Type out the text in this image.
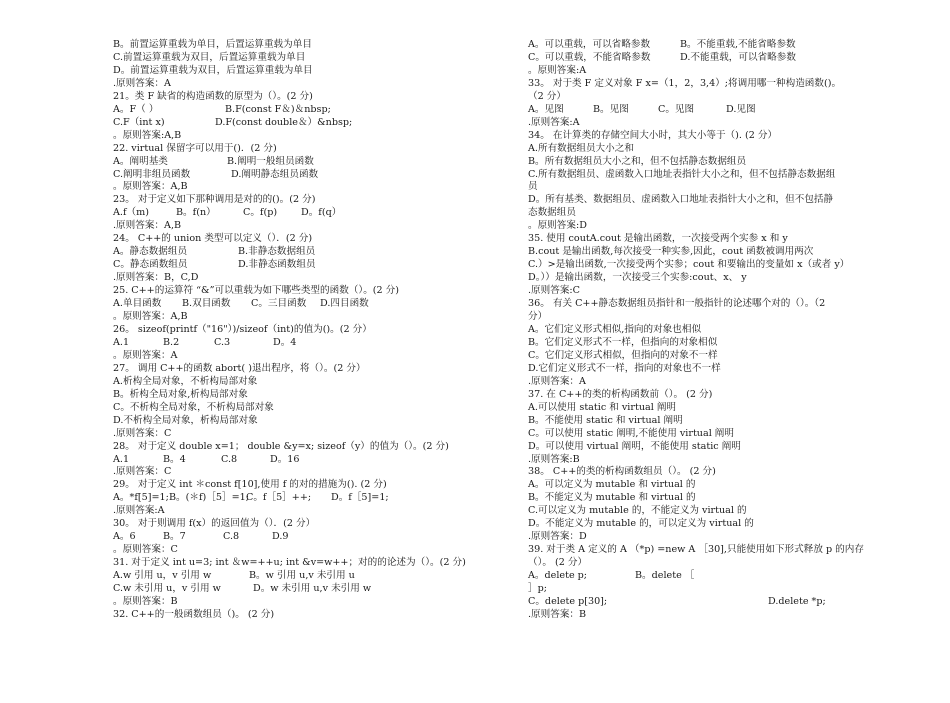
B。前置运算重载为单目，后置运算重载为单目
C.前置运算重载为双目，后置运算重载为单目
D。前置运算重载为双目，后置运算重载为单目
.原则答案：A
21。类 F 缺省的构造函数的原型为（）。(2 分)
A。F（ ）	B.F(const F＆)＆nbsp;
C.F（int x)	D.F(const double＆）&nbsp;
。原则答案:A,B
22. virtual 保留字可以用于()．(2 分)
A。阐明基类	B.阐明一般组员函数
C.阐明非组员函数	D.阐明静态组员函数
。原则答案：A,B
23。 对于定义如下那种调用是对的的()。(2 分)
A.f（m)	B。f(n）	C。f(p)	D。f(q）
.原则答案：A,B
24。 C++的 union 类型可以定义（）．(2 分)
A。静态数据组员	B.非静态数据组员
C。静态函数组员	D.非静态函数组员
.原则答案：B，C,D
25. C++的运算符 “&”可以重载为如下哪些类型的函数（）。(2 分)
A.单目函数	B.双目函数	C。三目函数	D.四目函数
。原则答案：A,B
26。 sizeof(printf（"16"）)/sizeof（int)的值为()。(2 分）
A.1	B.2	C.3	D。4
。原则答案：A
27。 调用 C++的函数 abort( )退出程序，将（）。(2 分）
A.析构全局对象，不析构局部对象
B。析构全局对象,析构局部对象
C。不析构全局对象，不析构局部对象
D.不析构全局对象，析构局部对象
.原则答案：C
28。 对于定义 double x=1； double &y=x; sizeof（y）的值为（）。(2 分)
A.1	B。4	C.8	D。16
.原则答案：C
29。 对于定义 int ＊const f[10],使用 f 的对的措施为(). (2 分)
A。*f[5]=1; B。(＊f)［5］=1;
C。f［5］++;	D。f［5]=1;
.原则答案:A
30。 对于则调用 f(x）的返回值为（）．(2 分）
A。6	B。7	C.8	D.9
。原则答案：C
31. 对于定义 int u=3; int ＆w=++u; int &v=w++；对的的论述为（）。(2 分)
A.w 引用 u，v 引用 w	B。w 引用 u,v 未引用 u
C.w 未引用 u，v 引用 w	D。w 未引用 u,v 未引用 w
。原则答案：B
32. C++的一般函数组员（)。 (2 分)
A。可以重载，可以省略参数	B。不能重载,不能省略参数
C。可以重载，不能省略参数	D.不能重载，可以省略参数
。原则答案:A
33。 对于类 F 定义对象 F x=（1，2，3,4）;将调用哪一种构造函数()。
（2 分）
A。见图	B。见图	C。见图	D.见图
.原则答案:A
34。 在计算类的存储空间大小时，其大小等于（). (2 分）
A.所有数据组员大小之和
B。所有数据组员大小之和，但不包括静态数据组员
C.所有数据组员、虚函数入口地址表指针大小之和，但不包括静态数据组
员
D。所有基类、数据组员、虚函数入口地址表指针大小之和，但不包括静
态数据组员
。原则答案:D
35. 使用 coutA.cout 是输出函数，一次接受两个实参 x 和 y
B.cout 是输出函数,每次接受一种实参,因此，cout 函数被调用两次
C.）>是输出函数,一次接受两个实参；cout 和要输出的变量如 x（或者 y）
D。））是输出函数，一次接受三个实参:cout、x、 y
.原则答案:C
36。 有关 C++静态数据组员指针和一般指针的论述哪个对的（）。（2
分）
A。它们定义形式相似,指向的对象也相似
B。它们定义形式不一样，但指向的对象相似
C。它们定义形式相似，但指向的对象不一样
D.它们定义形式不一样，指向的对象也不一样
.原则答案：A
37. 在 C++的类的析构函数前（）。 (2 分)
A.可以使用 static 和 virtual 阐明
B。不能使用 static 和 virtual 阐明
C。可以使用 static 阐明,不能使用 virtual 阐明
D。可以使用 virtual 阐明，不能使用 static 阐明
.原则答案:B
38。 C++的类的析构函数组员（）。 (2 分)
A。可以定义为 mutable 和 virtual 的
B。不能定义为 mutable 和 virtual 的
C.可以定义为 mutable 的，不能定义为 virtual 的
D。不能定义为 mutable 的，可以定义为 virtual 的
.原则答案：D
39. 对于类 A 定义的 A （*p) =new A ［30],只能使用如下形式释放 p 的内存
（）。 (2 分）
A。delete p;	B。delete ［
］p;
C。delete p[30];	D.delete *p;
.原则答案：B
